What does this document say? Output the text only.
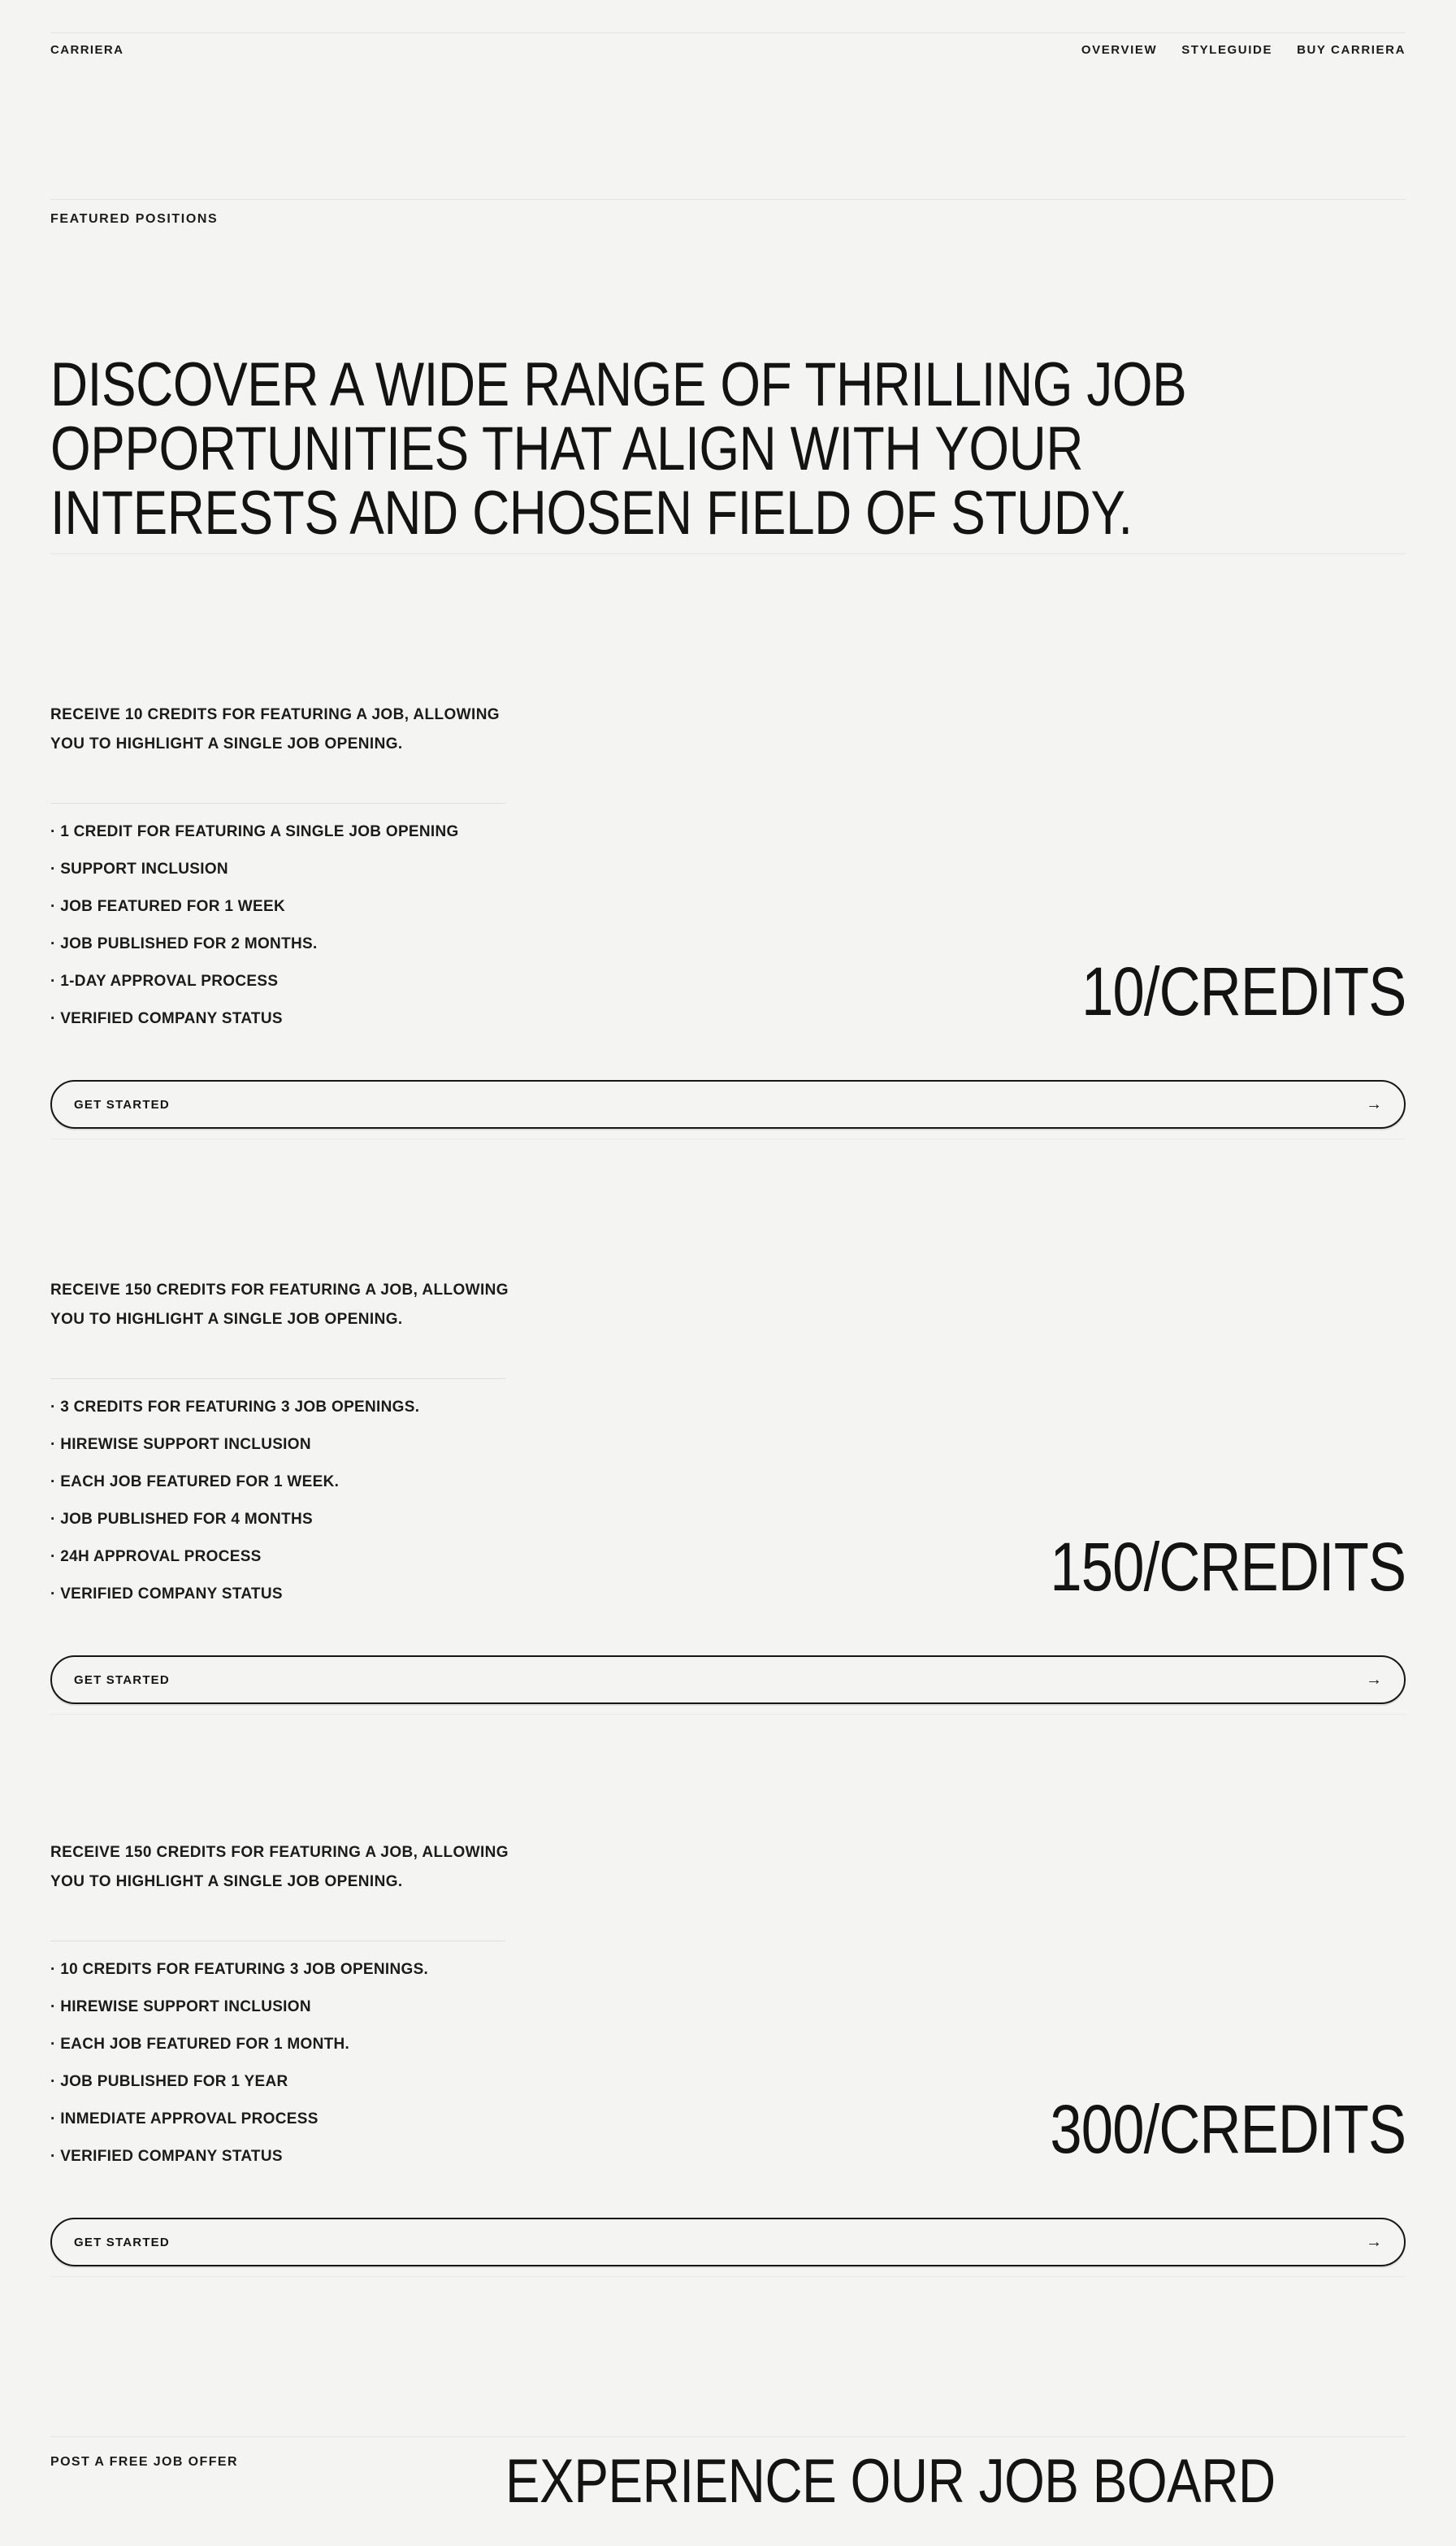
CARRIERA	OVERVIEW STYLEGUIDE BUY CARRIERA
FEATURED POSITIONS
DISCOVER A WIDE RANGE OF THRILLING JOB
OPPORTUNITIES THAT ALIGN WITH YOUR
INTERESTS AND CHOSEN FIELD OF STUDY.

RECEIVE 10 CREDITS FOR FEATURING A JOB, ALLOWING
YOU TO HIGHLIGHT A SINGLE JOB OPENING.

· 1 CREDIT FOR FEATURING A SINGLE JOB OPENING
· SUPPORT INCLUSION
· JOB FEATURED FOR 1 WEEK
· JOB PUBLISHED FOR 2 MONTHS.
· 1-DAY APPROVAL PROCESS
· VERIFIED COMPANY STATUS	10/CREDITS
GET STARTED	→

RECEIVE 150 CREDITS FOR FEATURING A JOB, ALLOWING
YOU TO HIGHLIGHT A SINGLE JOB OPENING.

· 3 CREDITS FOR FEATURING 3 JOB OPENINGS.
· HIREWISE SUPPORT INCLUSION
· EACH JOB FEATURED FOR 1 WEEK.
· JOB PUBLISHED FOR 4 MONTHS
· 24H APPROVAL PROCESS
· VERIFIED COMPANY STATUS	150/CREDITS
GET STARTED	→

RECEIVE 150 CREDITS FOR FEATURING A JOB, ALLOWING
YOU TO HIGHLIGHT A SINGLE JOB OPENING.

· 10 CREDITS FOR FEATURING 3 JOB OPENINGS.
· HIREWISE SUPPORT INCLUSION
· EACH JOB FEATURED FOR 1 MONTH.
· JOB PUBLISHED FOR 1 YEAR
· INMEDIATE APPROVAL PROCESS
· VERIFIED COMPANY STATUS	300/CREDITS
GET STARTED	→
POST A FREE JOB OFFER	EXPERIENCE OUR JOB BOARD
